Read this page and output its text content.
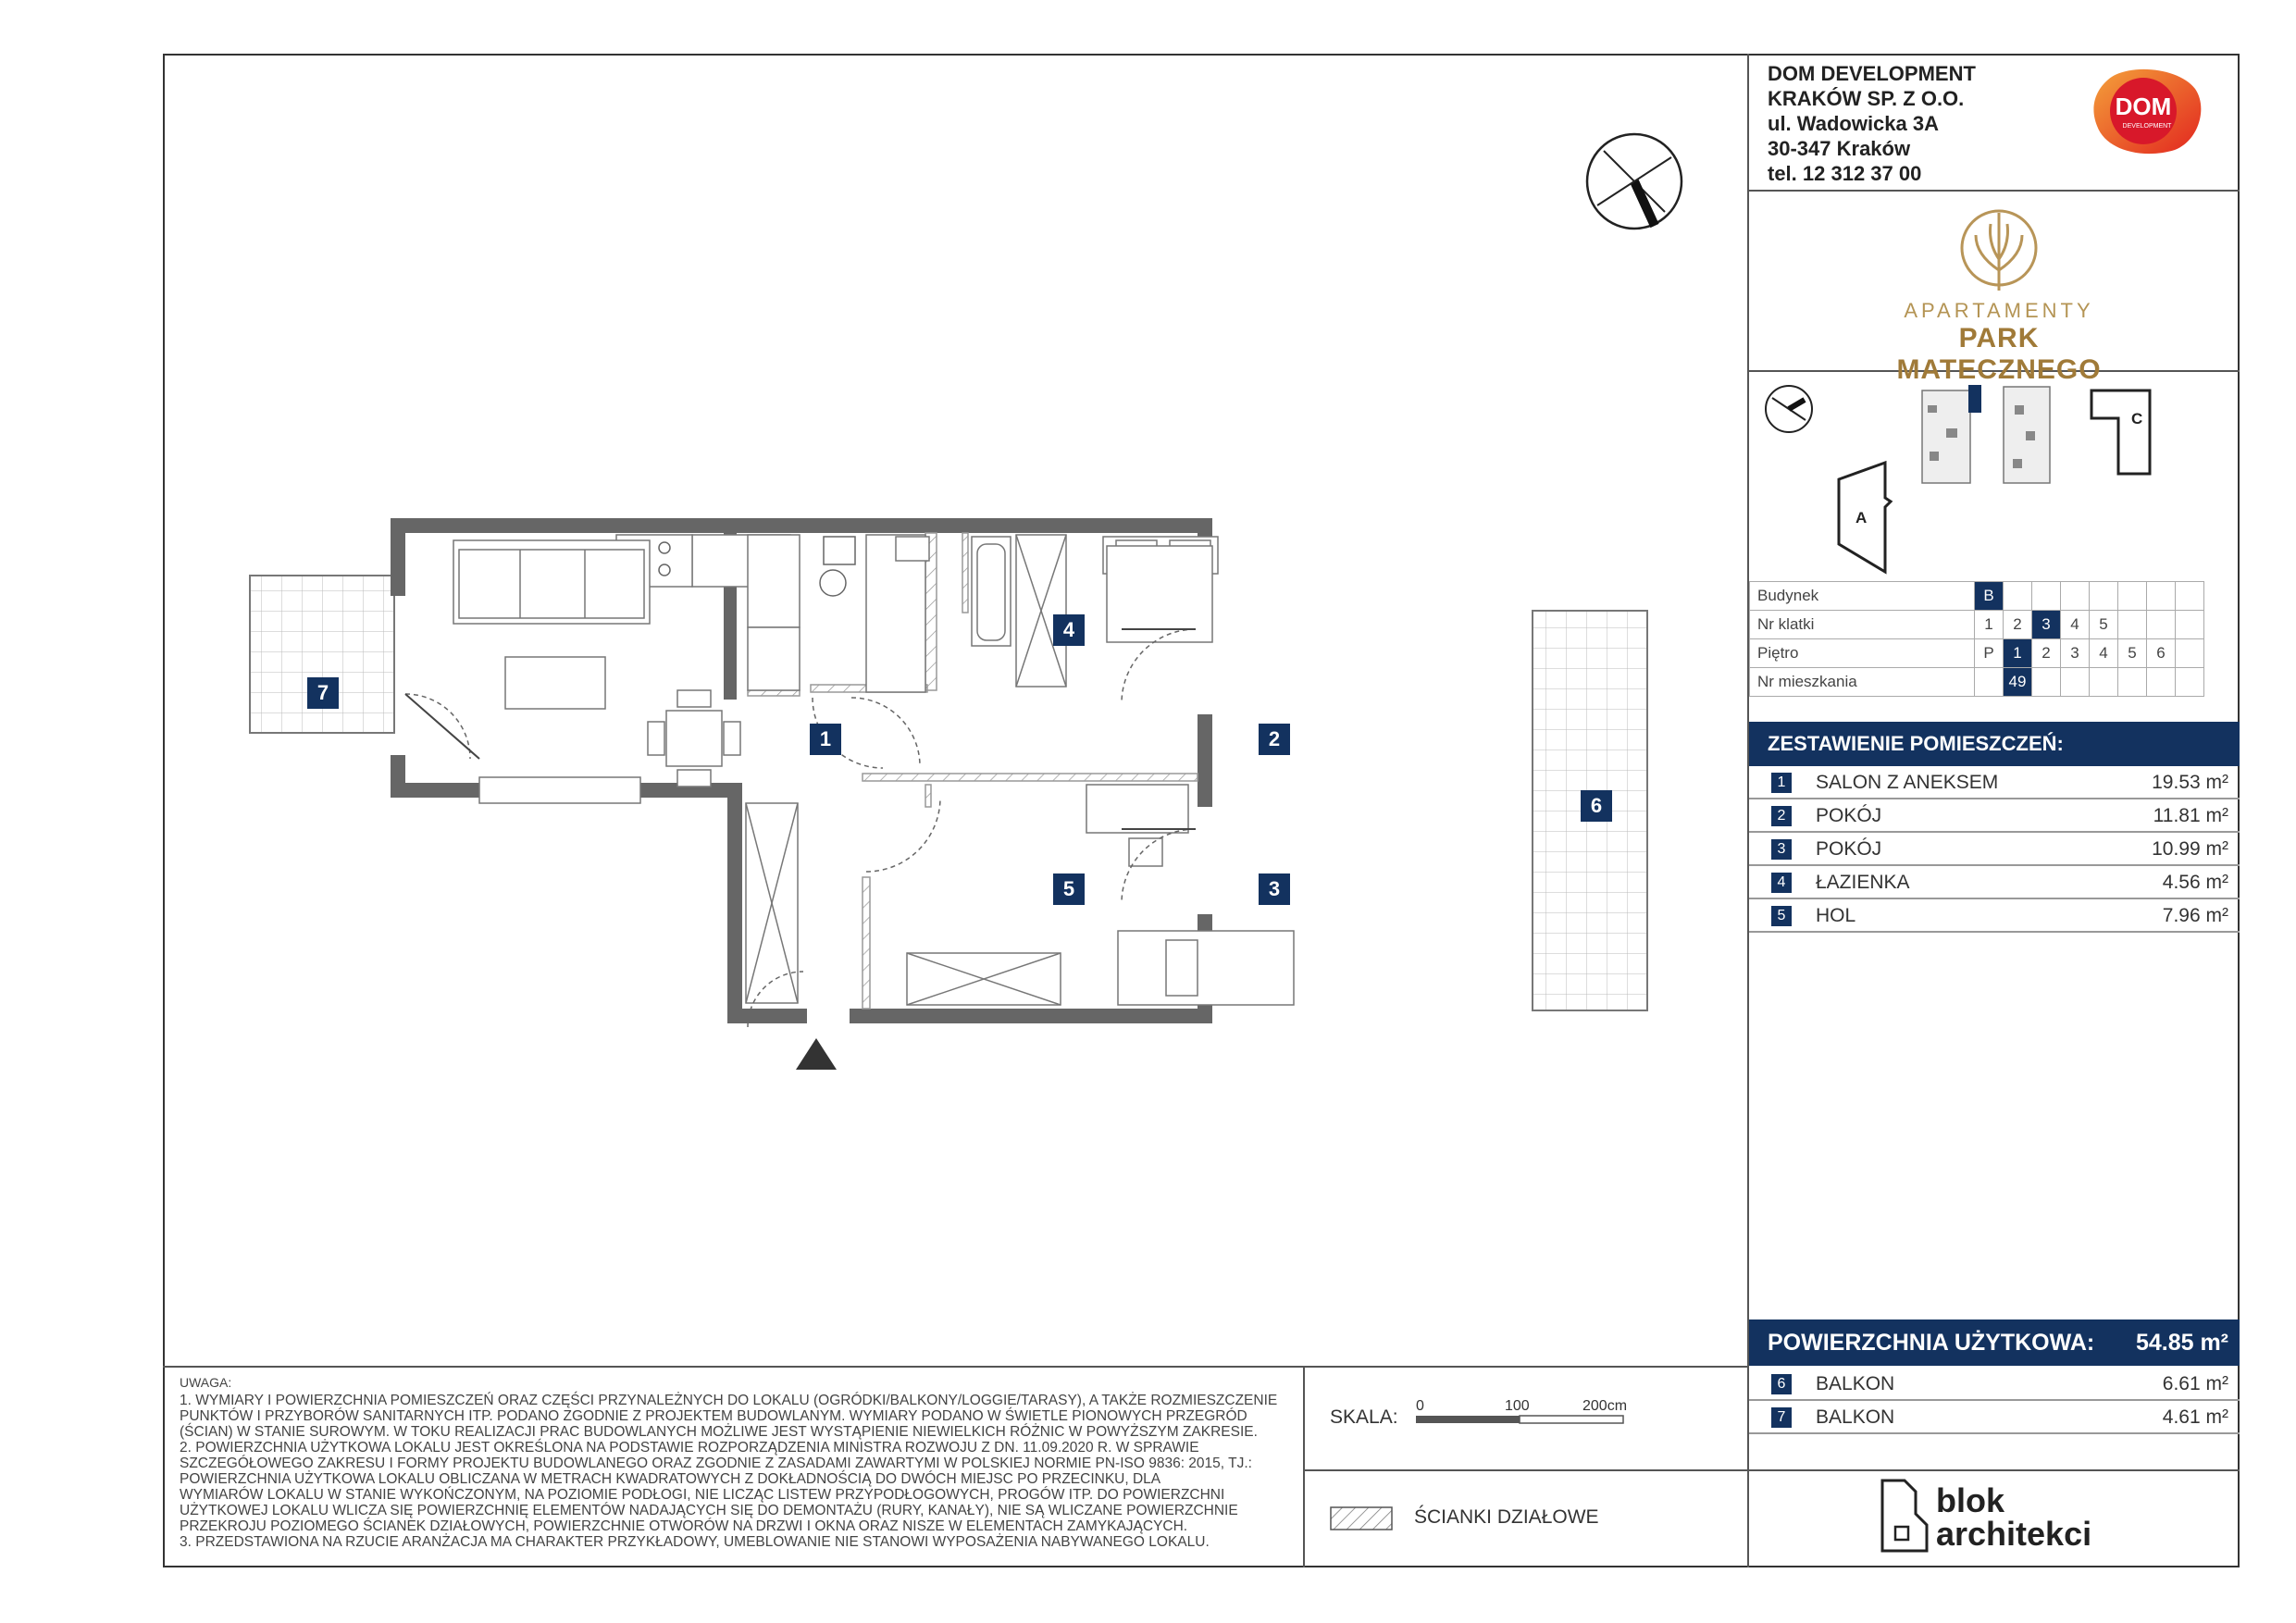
DOM DEVELOPMENT
KRAKÓW SP. Z O.O.
ul. Wadowicka 3A
30-347 Kraków
tel. 12 312 37 00
DOM
DEVELOPMENT
APARTAMENTY
PARK MATECZNEGO
C
A
Budynek	B							
Nr klatki	1	2	3	4	5			
Piętro	P	1	2	3	4	5	6	
Nr mieszkania		49						
ZESTAWIENIE POMIESZCZEŃ:
1	SALON Z ANEKSEM	19.53 m²
2	POKÓJ	11.81 m²
3	POKÓJ	10.99 m²
4	ŁAZIENKA	4.56 m²
5	HOL	7.96 m²
POWIERZCHNIA UŻYTKOWA: 54.85 m²
6	BALKON	6.61 m²
7	BALKON	4.61 m²
1	2
3
4
5
6
7
UWAGA:
1. WYMIARY I POWIERZCHNIA POMIESZCZEŃ ORAZ CZĘŚCI PRZYNALEŻNYCH DO LOKALU (OGRÓDKI/BALKONY/LOGGIE/TARASY), A TAKŻE ROZMIESZCZENIE
PUNKTÓW I PRZYBORÓW SANITARNYCH ITP. PODANO ZGODNIE Z PROJEKTEM BUDOWLANYM. WYMIARY PODANO W ŚWIETLE PIONOWYCH PRZEGRÓD
(ŚCIAN) W STANIE SUROWYM. W TOKU REALIZACJI PRAC BUDOWLANYCH MOŻLIWE JEST WYSTĄPIENIE NIEWIELKICH RÓŻNIC W POWYŻSZYM ZAKRESIE.
2. POWIERZCHNIA UŻYTKOWA LOKALU JEST OKREŚLONA NA PODSTAWIE ROZPORZĄDZENIA MINISTRA ROZWOJU Z DN. 11.09.2020 R. W SPRAWIE
SZCZEGÓŁOWEGO ZAKRESU I FORMY PROJEKTU BUDOWLANEGO ORAZ ZGODNIE Z ZASADAMI ZAWARTYMI W POLSKIEJ NORMIE PN-ISO 9836: 2015, TJ.:
POWIERZCHNIA UŻYTKOWA LOKALU OBLICZANA W METRACH KWADRATOWYCH Z DOKŁADNOŚCIĄ DO DWÓCH MIEJSC PO PRZECINKU, DLA
WYMIARÓW LOKALU W STANIE WYKOŃCZONYM, NA POZIOMIE PODŁOGI, NIE LICZĄC LISTEW PRZYPODŁOGOWYCH, PROGÓW ITP. DO POWIERZCHNI
UŻYTKOWEJ LOKALU WLICZA SIĘ POWIERZCHNIĘ ELEMENTÓW NADAJĄCYCH SIĘ DO DEMONTAŻU (RURY, KANAŁY), NIE SĄ WLICZANE POWIERZCHNIE
PRZEKROJU POZIOMEGO ŚCIANEK DZIAŁOWYCH, POWIERZCHNIE OTWORÓW NA DRZWI I OKNA ORAZ NISZE W ELEMENTACH ZAMYKAJĄCYCH.
3. PRZEDSTAWIONA NA RZUCIE ARANŻACJA MA CHARAKTER PRZYKŁADOWY, UMEBLOWANIE NIE STANOWI WYPOSAŻENIA NABYWANEGO LOKALU.
SKALA:
0	100	200cm
ŚCIANKI DZIAŁOWE	blok
architekci
